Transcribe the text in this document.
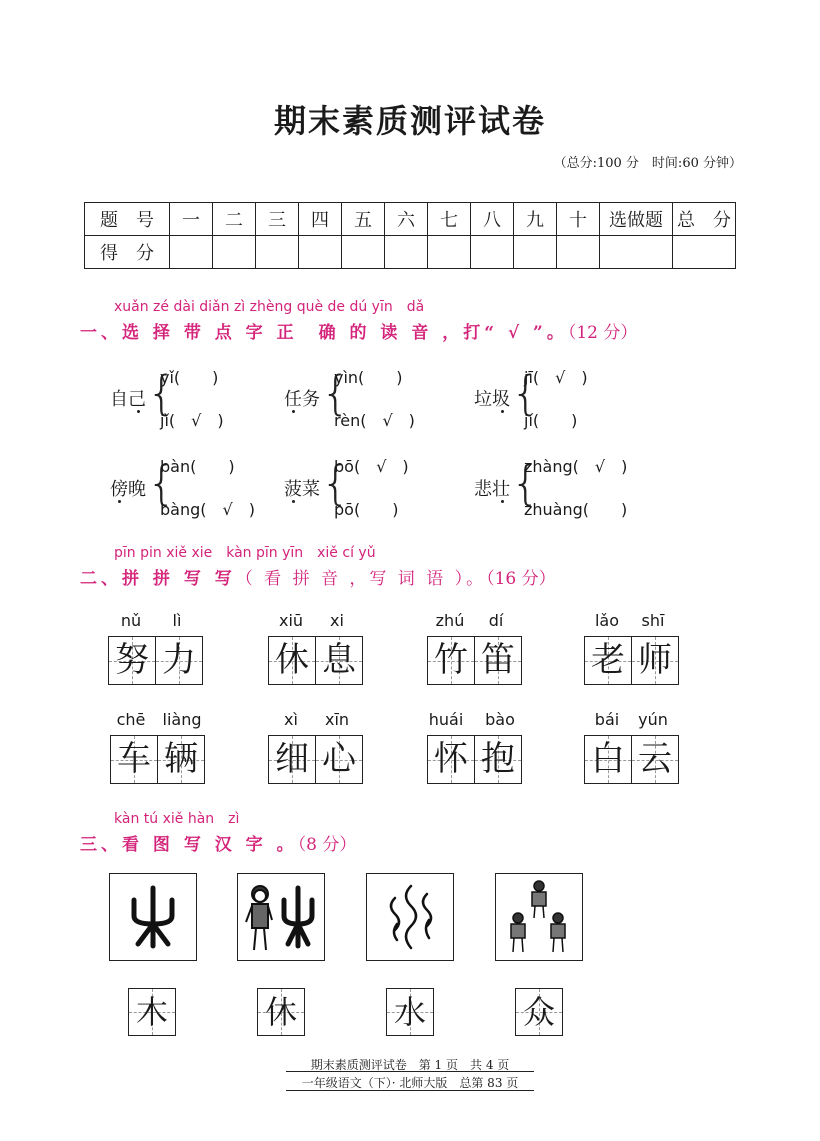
期末素质测评试卷
（总分:100 分　时间:60 分钟）
题　号	一	二	三	四	五	六	七	八	九	十	选做题	总　分
得　分												
xuǎn zé dài diǎn zì zhèng què de dú yīn　dǎ
一、选 择 带 点 字 正　确 的 读 音 ，打“ √ ”。（12 分）
自己 {
yǐ(　　)
jǐ(　√　)
任务 {
yìn(　　)
rèn(　√　)
垃圾 {
jī(　√　)
jí(　　)
傍晚 {
bàn(　　)
bàng(　√　)
菠菜 {
bō(　√　)
pō(　　)
悲壮 {
zhàng(　√　)
zhuàng(　　)
pīn pin xiě xie　kàn pīn yīn　xiě cí yǔ
二、拼 拼 写 写（ 看 拼 音 ，写 词 语 ）。（16 分）
nǔ	lì
努 力
xiū	xi
休 息
zhú	dí
竹 笛
lǎo	shī
老 师
chē	liàng
车 辆
xì	xīn
细 心
huái	bào
怀 抱
bái	yún
白 云
kàn tú xiě hàn　zì
三、看 图 写 汉 字 。（8 分）
木	休	水	众
期末素质测评试卷　第 1 页　共 4 页
一年级语文（下）· 北师大版　总第 83 页
